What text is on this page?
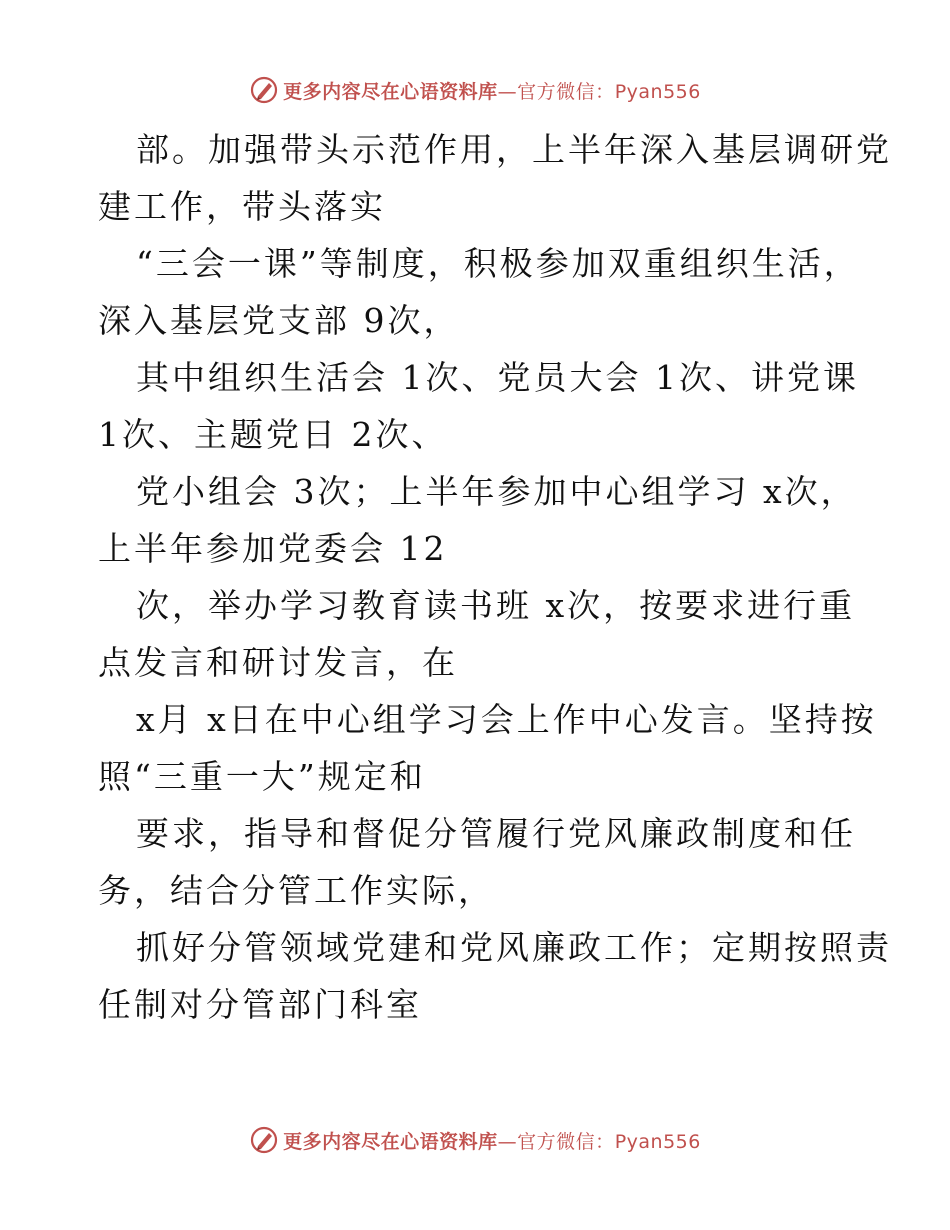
更多内容尽在心语资料库—官方微信：Pyan556
部。加强带头示范作用，上半年深入基层调研党
建工作，带头落实
“三会一课”等制度，积极参加双重组织生活，
深入基层党支部 9次，
其中组织生活会 1次、党员大会 1次、讲党课
1次、主题党日 2次、
党小组会 3次；上半年参加中心组学习 x次，
上半年参加党委会 12
次，举办学习教育读书班 x次，按要求进行重
点发言和研讨发言，在
x月 x日在中心组学习会上作中心发言。坚持按
照“三重一大”规定和
要求，指导和督促分管履行党风廉政制度和任
务，结合分管工作实际，
抓好分管领域党建和党风廉政工作；定期按照责
任制对分管部门科室
更多内容尽在心语资料库—官方微信：Pyan556
